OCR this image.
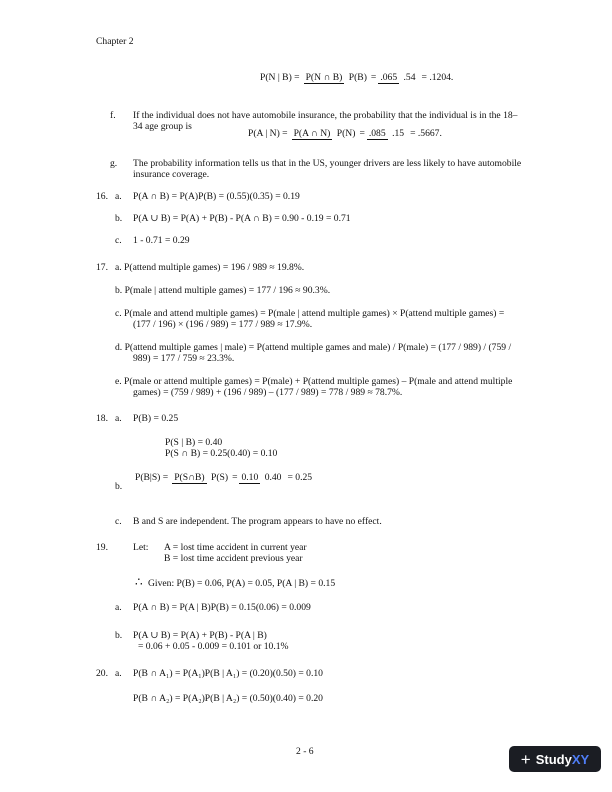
Chapter 2
P(N | B) = P(N ∩ B) P(B) = .065 .54 = .1204.
f. If the individual does not have automobile insurance, the probability that the individual is in the 18–
34 age group is
P(A | N) = P(A ∩ N) P(N) = .085 .15 = .5667.
g. The probability information tells us that in the US, younger drivers are less likely to have automobile
insurance coverage.
16. a. P(A ∩ B) = P(A)P(B) = (0.55)(0.35) = 0.19
b. P(A ∪ B) = P(A) + P(B) - P(A ∩ B) = 0.90 - 0.19 = 0.71
c. 1 - 0.71 = 0.29
17. a. P(attend multiple games) = 196 / 989 ≈ 19.8%.
b. P(male | attend multiple games) = 177 / 196 ≈ 90.3%.
c. P(male and attend multiple games) = P(male | attend multiple games) × P(attend multiple games) =
(177 / 196) × (196 / 989) = 177 / 989 ≈ 17.9%.
d. P(attend multiple games | male) = P(attend multiple games and male) / P(male) = (177 / 989) / (759 /
989) = 177 / 759 ≈ 23.3%.
e. P(male or attend multiple games) = P(male) + P(attend multiple games) – P(male and attend multiple
games) = (759 / 989) + (196 / 989) – (177 / 989) = 778 / 989 ≈ 78.7%.
18. a. P(B) = 0.25
P(S | B) = 0.40
P(S ∩ B) = 0.25(0.40) = 0.10
b.
P(B|S) = P(S∩B) P(S) = 0.10 0.40 = 0.25
c. B and S are independent. The program appears to have no effect.
19.	Let: A = lost time accident in current year
B = lost time accident previous year
∴ Given: P(B) = 0.06, P(A) = 0.05, P(A | B) = 0.15
a. P(A ∩ B) = P(A | B)P(B) = 0.15(0.06) = 0.009
b. P(A ∪ B) = P(A) + P(B) - P(A | B)
= 0.06 + 0.05 - 0.009 = 0.101 or 10.1%
20. a. P(B ∩ A₁) = P(A₁)P(B | A₁) = (0.20)(0.50) = 0.10
P(B ∩ A₂) = P(A₂)P(B | A₂) = (0.50)(0.40) = 0.20
2 - 6	+ Study XY
